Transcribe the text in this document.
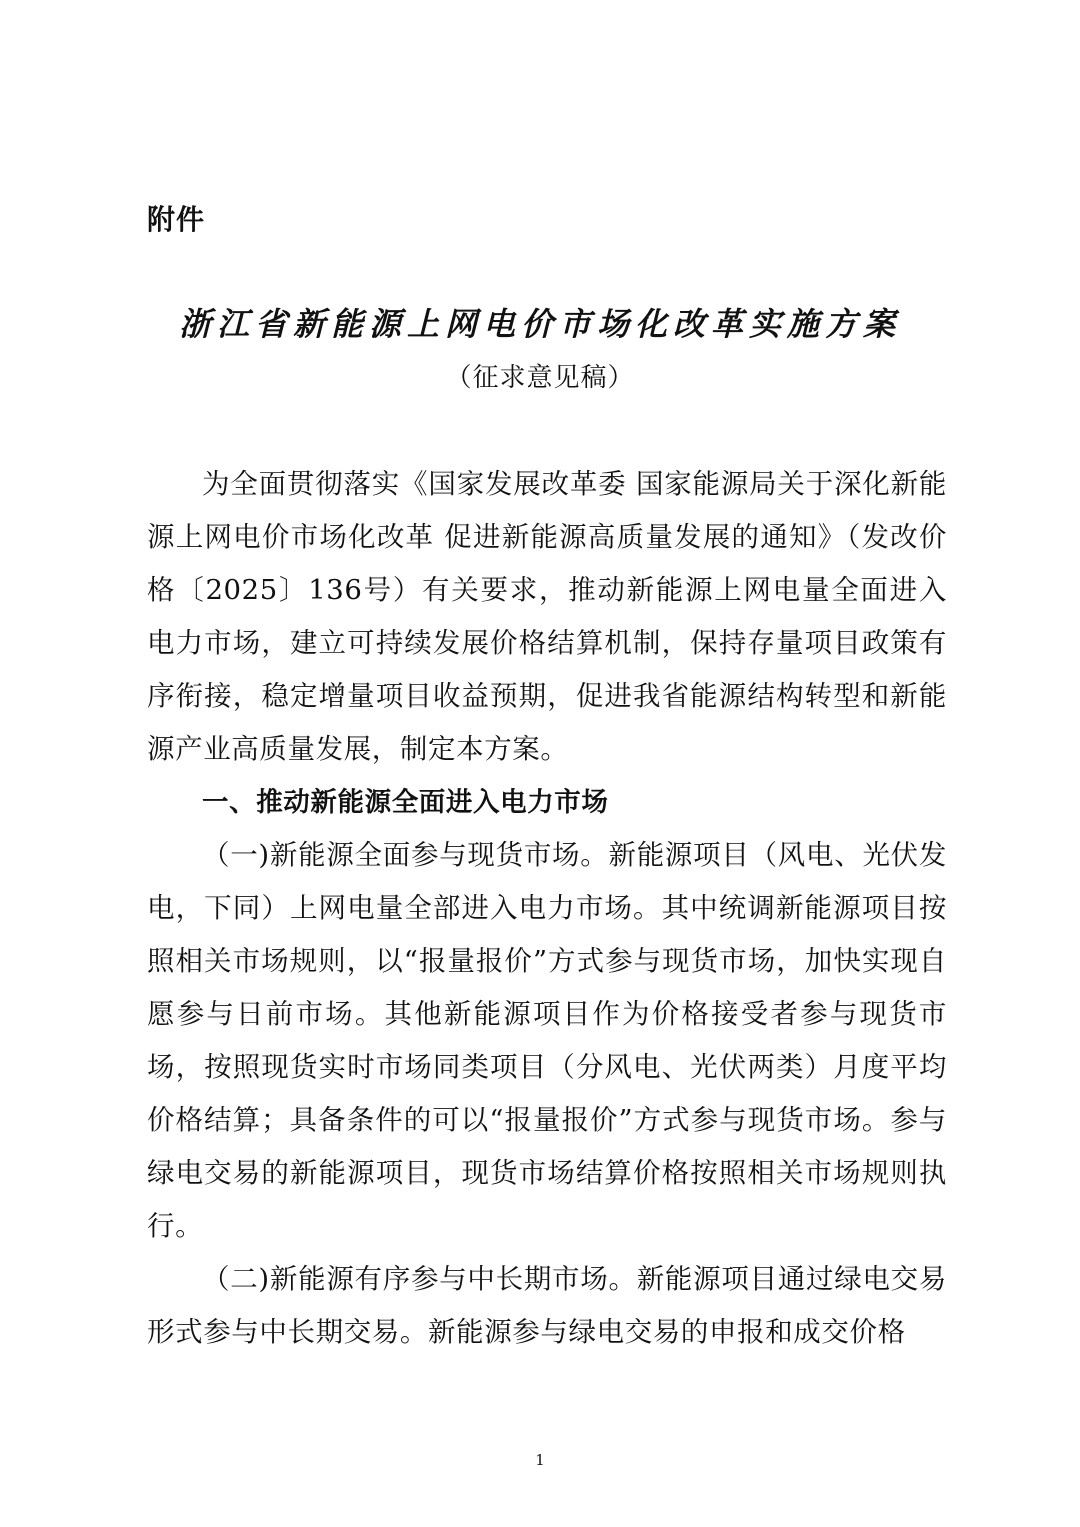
附件
浙江省新能源上网电价市场化改革实施方案
（征求意见稿）

为全面贯彻落实《国家发展改革委 国家能源局关于深化新能源上网电价市场化改革 促进新能源高质量发展的通知》（发改价格〔2025〕136号）有关要求，推动新能源上网电量全面进入电力市场，建立可持续发展价格结算机制，保持存量项目政策有序衔接，稳定增量项目收益预期，促进我省能源结构转型和新能源产业高质量发展，制定本方案。

一、推动新能源全面进入电力市场

（一)新能源全面参与现货市场。新能源项目（风电、光伏发电，下同）上网电量全部进入电力市场。其中统调新能源项目按照相关市场规则，以“报量报价”方式参与现货市场，加快实现自愿参与日前市场。其他新能源项目作为价格接受者参与现货市场，按照现货实时市场同类项目（分风电、光伏两类）月度平均价格结算；具备条件的可以“报量报价”方式参与现货市场。参与绿电交易的新能源项目，现货市场结算价格按照相关市场规则执行。

（二)新能源有序参与中长期市场。新能源项目通过绿电交易形式参与中长期交易。新能源参与绿电交易的申报和成交价格

1
